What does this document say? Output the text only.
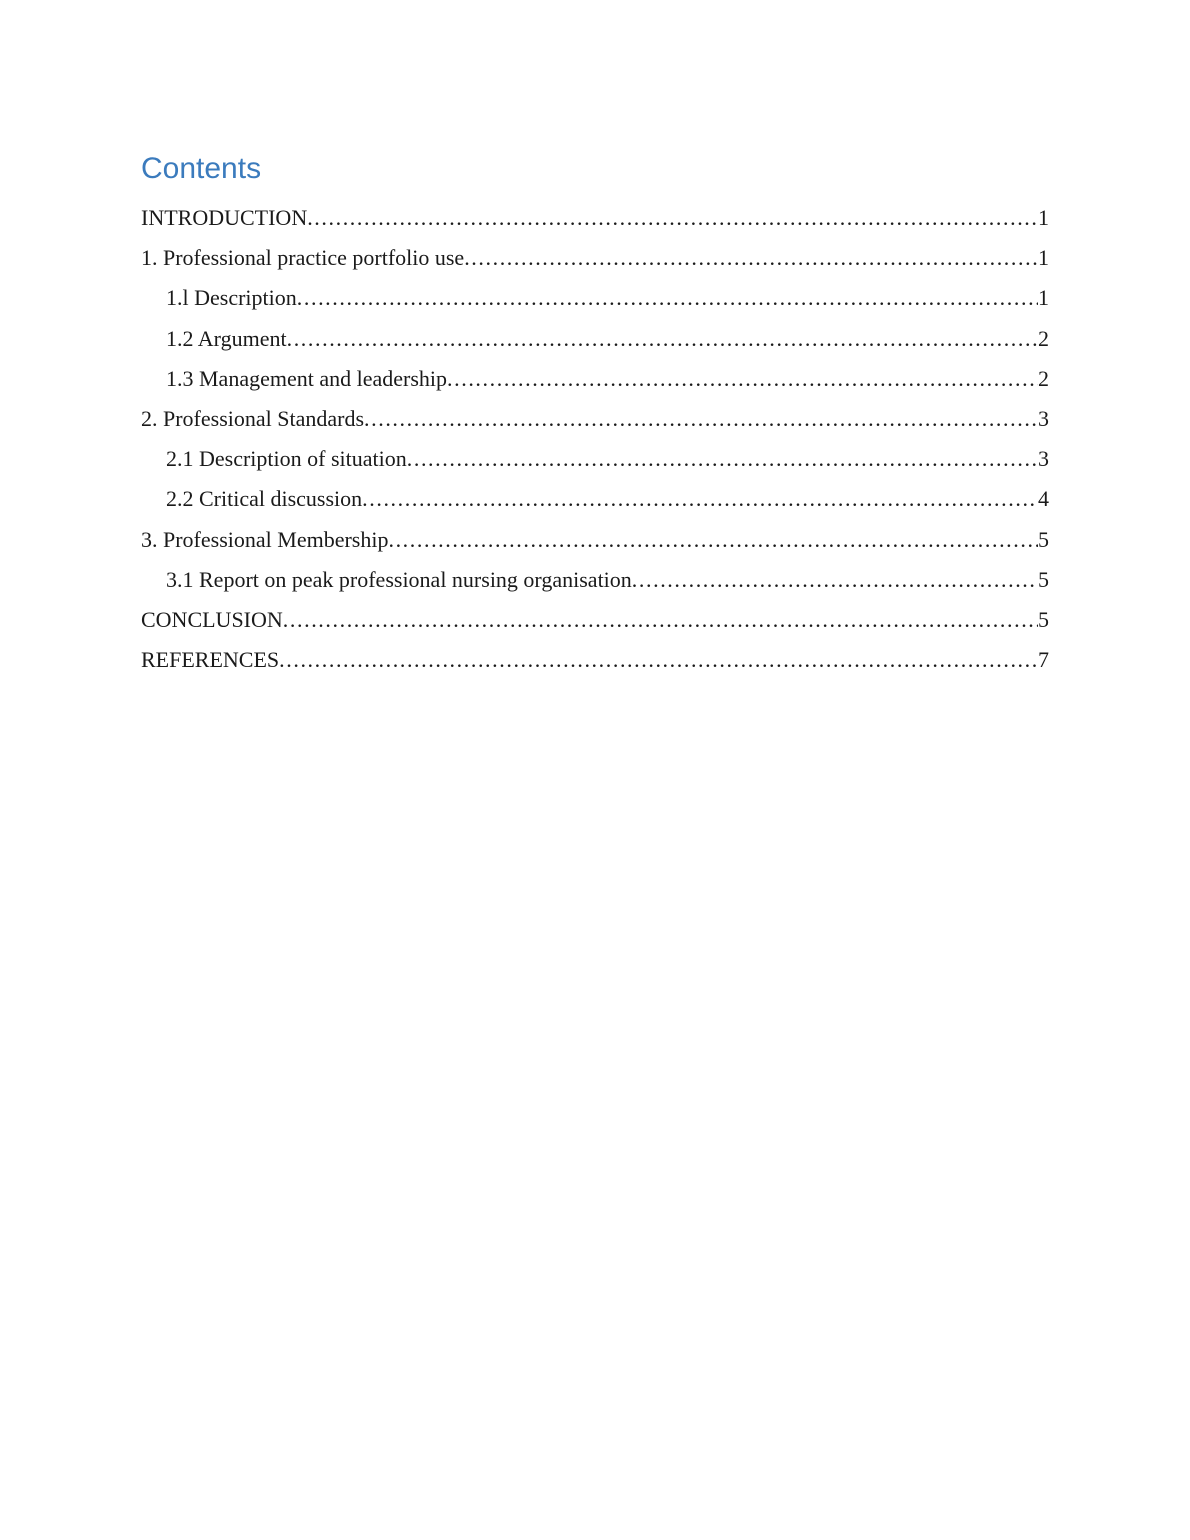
Contents
INTRODUCTION .....	1
1. Professional practice portfolio use .....	1
1.l Description .....	1
1.2 Argument .....	2
1.3 Management and leadership .....	2
2. Professional Standards .....	3
2.1 Description of situation .....	3
2.2 Critical discussion .....	4
3. Professional Membership .....	5
3.1 Report on peak professional nursing organisation .....	5
CONCLUSION .....	5
REFERENCES .....	7
